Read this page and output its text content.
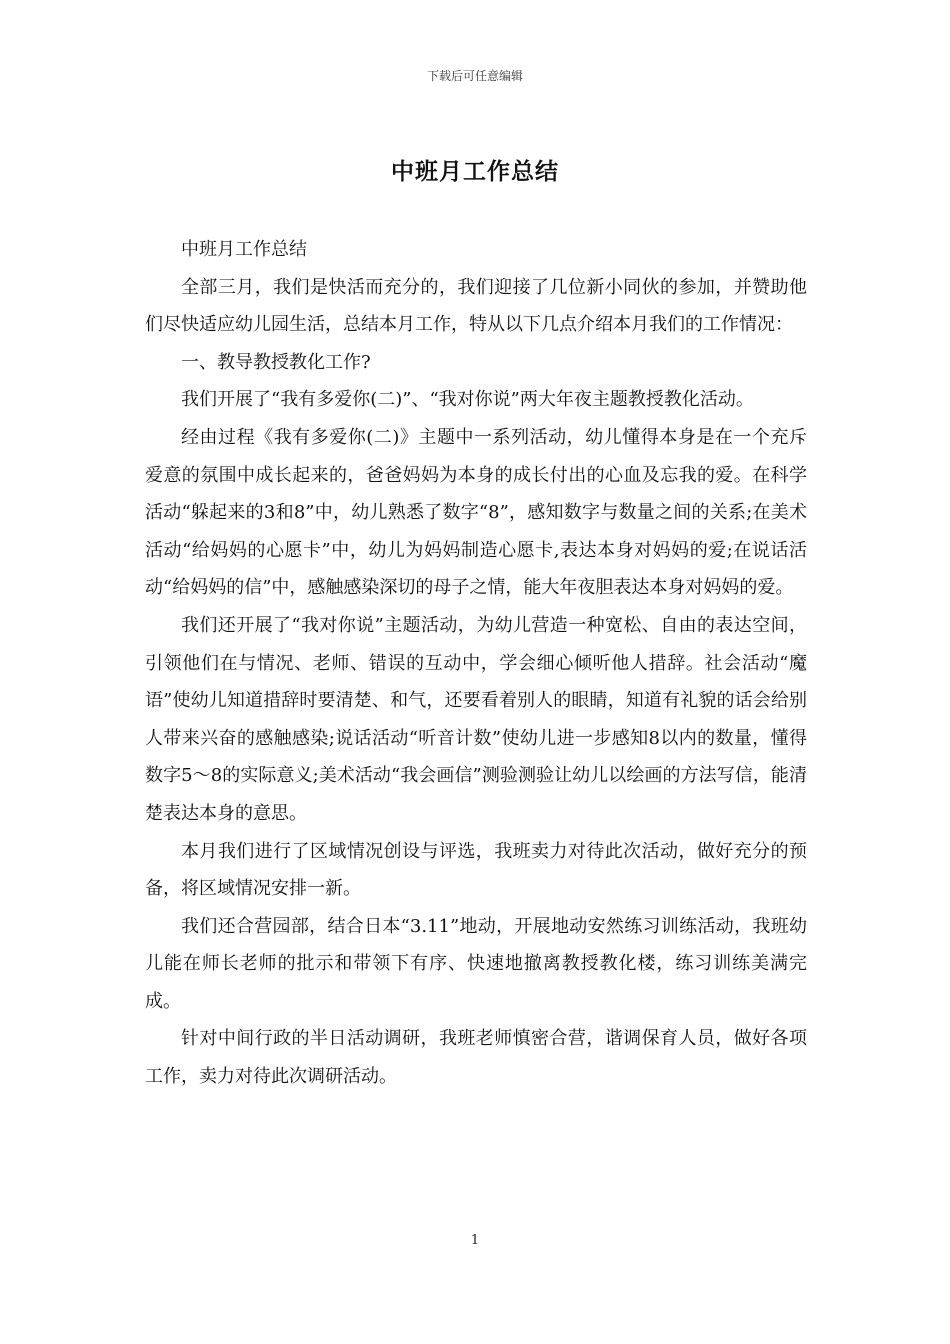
下载后可任意编辑
中班月工作总结

中班月工作总结

全部三月，我们是快活而充分的，我们迎接了几位新小同伙的参加，并赞助他们尽快适应幼儿园生活，总结本月工作，特从以下几点介绍本月我们的工作情况：

一、教导教授教化工作?

我们开展了“我有多爱你(二)”、“我对你说”两大年夜主题教授教化活动。

经由过程《我有多爱你(二)》主题中一系列活动，幼儿懂得本身是在一个充斥爱意的氛围中成长起来的，爸爸妈妈为本身的成长付出的心血及忘我的爱。在科学活动“躲起来的3和8”中，幼儿熟悉了数字“8”，感知数字与数量之间的关系;在美术活动“给妈妈的心愿卡”中，幼儿为妈妈制造心愿卡,表达本身对妈妈的爱;在说话活动“给妈妈的信”中，感触感染深切的母子之情，能大年夜胆表达本身对妈妈的爱。

我们还开展了“我对你说”主题活动，为幼儿营造一种宽松、自由的表达空间，引领他们在与情况、老师、错误的互动中，学会细心倾听他人措辞。社会活动“魔语”使幼儿知道措辞时要清楚、和气，还要看着别人的眼睛，知道有礼貌的话会给别人带来兴奋的感触感染;说话活动“听音计数”使幼儿进一步感知8以内的数量，懂得数字5～8的实际意义;美术活动“我会画信”测验测验让幼儿以绘画的方法写信，能清楚表达本身的意思。

本月我们进行了区域情况创设与评选，我班卖力对待此次活动，做好充分的预备，将区域情况安排一新。

我们还合营园部，结合日本“3.11”地动，开展地动安然练习训练活动，我班幼儿能在师长老师的批示和带领下有序、快速地撤离教授教化楼，练习训练美满完成。

针对中间行政的半日活动调研，我班老师慎密合营，谐调保育人员，做好各项工作，卖力对待此次调研活动。

1
